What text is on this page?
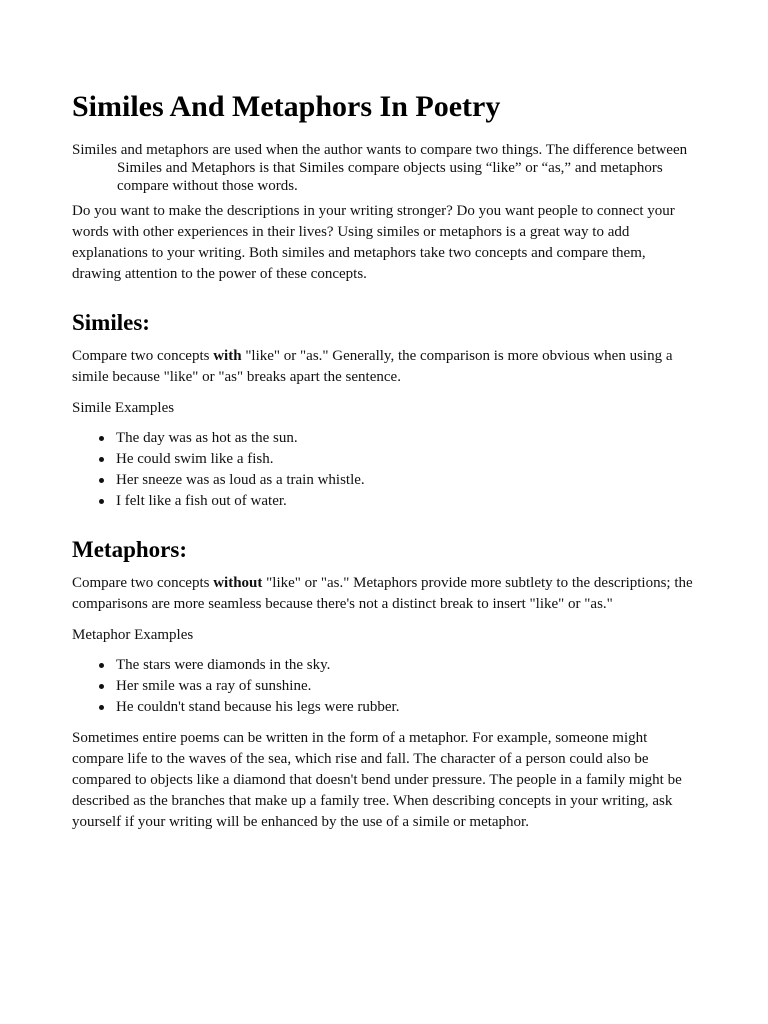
Similes And Metaphors In Poetry

Similes and metaphors are used when the author wants to compare two things. The difference between Similes and Metaphors is that Similes compare objects using “like” or “as,” and metaphors compare without those words.

Do you want to make the descriptions in your writing stronger? Do you want people to connect your words with other experiences in their lives? Using similes or metaphors is a great way to add explanations to your writing. Both similes and metaphors take two concepts and compare them, drawing attention to the power of these concepts.

Similes:

Compare two concepts with "like" or "as." Generally, the comparison is more obvious when using a simile because "like" or "as" breaks apart the sentence.

Simile Examples

The day was as hot as the sun.
He could swim like a fish.
Her sneeze was as loud as a train whistle.
I felt like a fish out of water.
Metaphors:

Compare two concepts without "like" or "as." Metaphors provide more subtlety to the descriptions; the comparisons are more seamless because there's not a distinct break to insert "like" or "as."

Metaphor Examples

The stars were diamonds in the sky.
Her smile was a ray of sunshine.
He couldn't stand because his legs were rubber.

Sometimes entire poems can be written in the form of a metaphor. For example, someone might compare life to the waves of the sea, which rise and fall. The character of a person could also be compared to objects like a diamond that doesn't bend under pressure. The people in a family might be described as the branches that make up a family tree. When describing concepts in your writing, ask yourself if your writing will be enhanced by the use of a simile or metaphor.
